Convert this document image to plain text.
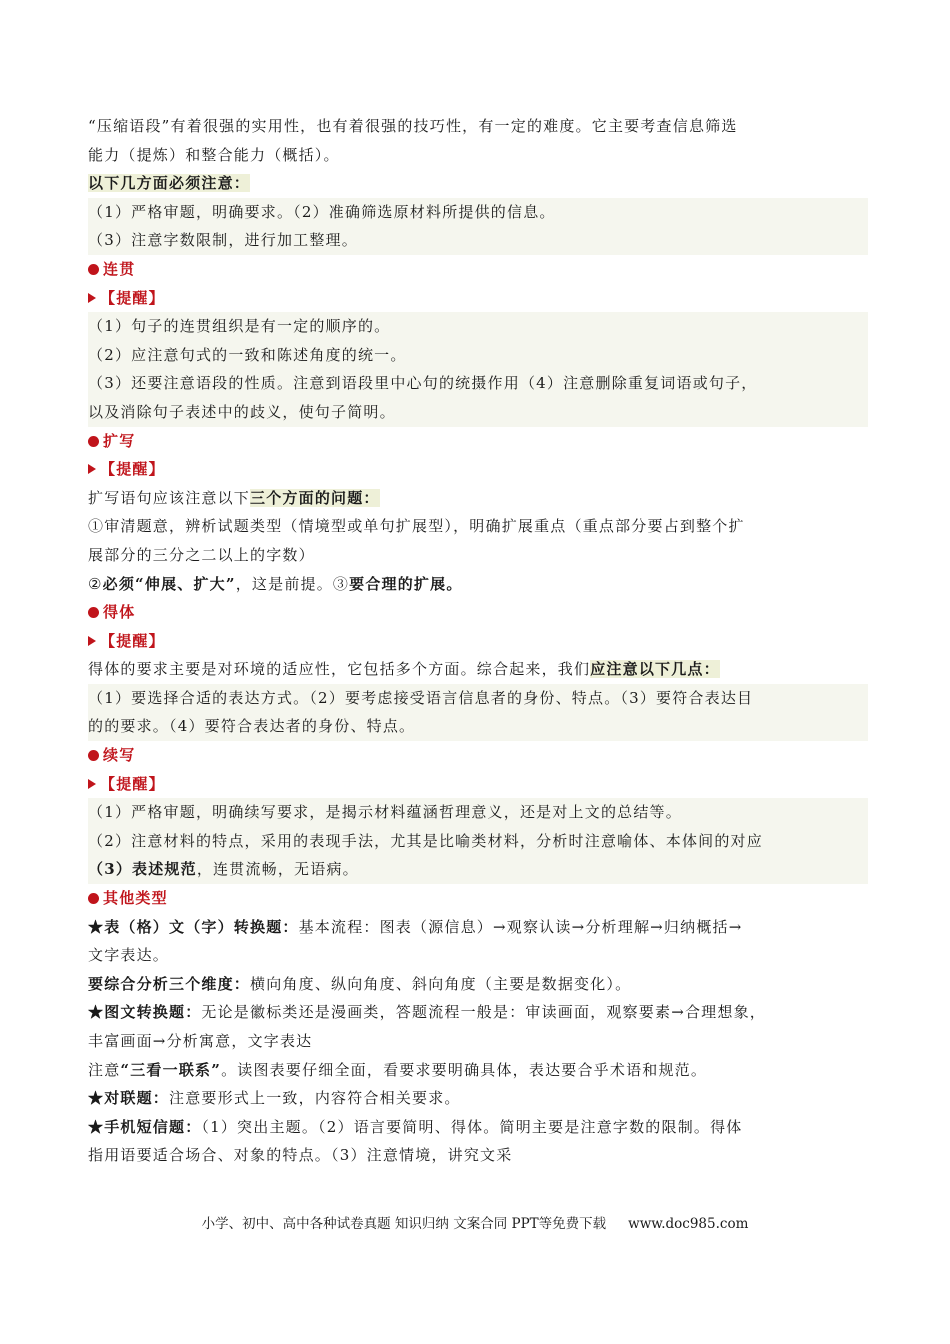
“压缩语段”有着很强的实用性，也有着很强的技巧性，有一定的难度。它主要考查信息筛选
能力（提炼）和整合能力（概括）。
以下几方面必须注意：
（1）严格审题，明确要求。（2）准确筛选原材料所提供的信息。
（3）注意字数限制，进行加工整理。
连贯
【提醒】
（1）句子的连贯组织是有一定的顺序的。
（2）应注意句式的一致和陈述角度的统一。
（3）还要注意语段的性质。注意到语段里中心句的统摄作用（4）注意删除重复词语或句子，
以及消除句子表述中的歧义，使句子简明。
扩写
【提醒】
扩写语句应该注意以下三个方面的问题：
①审清题意，辨析试题类型（情境型或单句扩展型），明确扩展重点（重点部分要占到整个扩
展部分的三分之二以上的字数）
②必须“伸展、扩大”，这是前提。③要合理的扩展。
得体
【提醒】
得体的要求主要是对环境的适应性，它包括多个方面。综合起来，我们应注意以下几点：
（1）要选择合适的表达方式。（2）要考虑接受语言信息者的身份、特点。（3）要符合表达目
的的要求。（4）要符合表达者的身份、特点。
续写
【提醒】
（1）严格审题，明确续写要求，是揭示材料蕴涵哲理意义，还是对上文的总结等。
（2）注意材料的特点，采用的表现手法，尤其是比喻类材料，分析时注意喻体、本体间的对应
（3）表述规范，连贯流畅，无语病。
其他类型
★表（格）文（字）转换题：基本流程：图表（源信息）→观察认读→分析理解→归纳概括→
文字表达。
要综合分析三个维度：横向角度、纵向角度、斜向角度（主要是数据变化）。
★图文转换题：无论是徽标类还是漫画类，答题流程一般是：审读画面，观察要素→合理想象，
丰富画面→分析寓意，文字表达
注意“三看一联系”。读图表要仔细全面，看要求要明确具体，表达要合乎术语和规范。
★对联题：注意要形式上一致，内容符合相关要求。
★手机短信题：（1）突出主题。（2）语言要简明、得体。简明主要是注意字数的限制。得体
指用语要适合场合、对象的特点。（3）注意情境，讲究文采
小学、初中、高中各种试卷真题 知识归纳 文案合同 PPT等免费下载 www.doc985.com
